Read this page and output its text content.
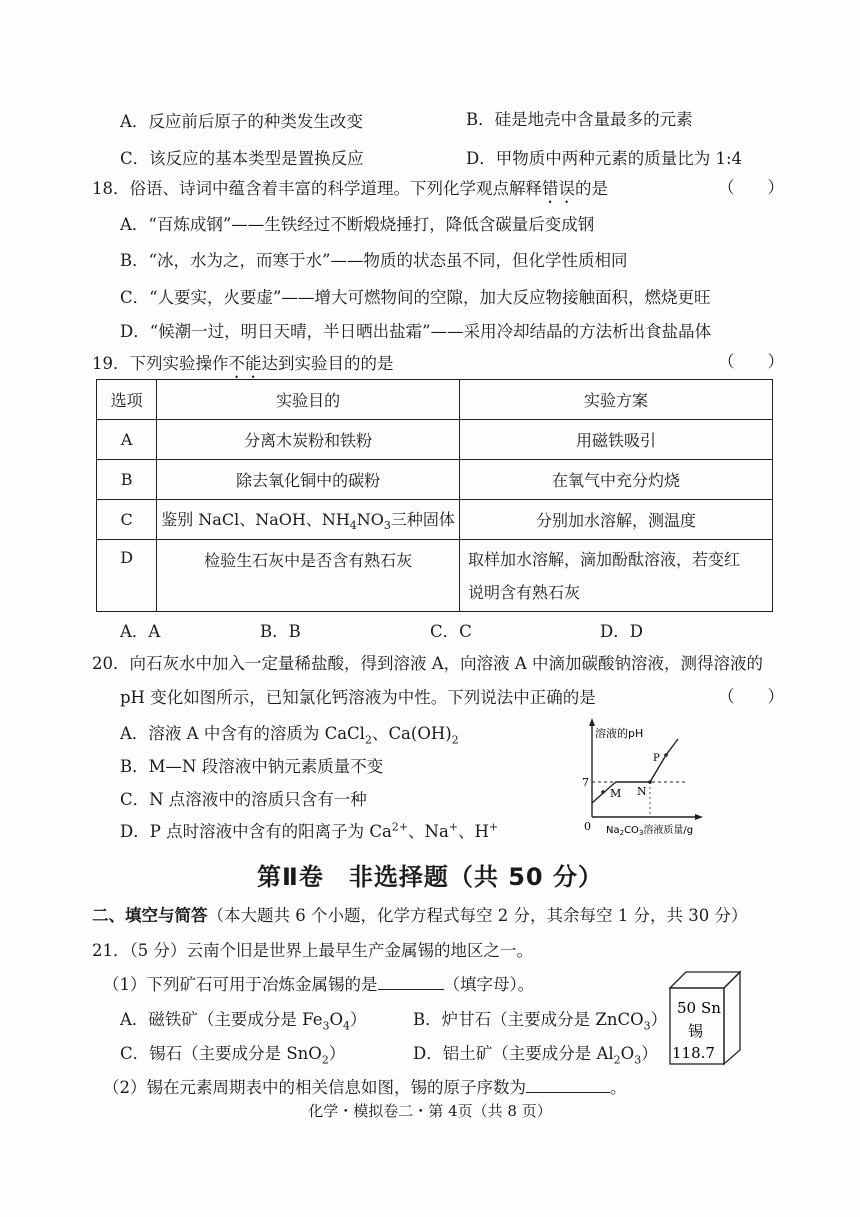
A．反应前后原子的种类发生改变	B．硅是地壳中含量最多的元素
C．该反应的基本类型是置换反应	D．甲物质中两种元素的质量比为 1:4
18．俗语、诗词中蕴含着丰富的科学道理。下列化学观点解释错误的是	（　　）
A．“百炼成钢”——生铁经过不断煅烧捶打，降低含碳量后变成钢
B．“冰，水为之，而寒于水”——物质的状态虽不同，但化学性质相同
C．“人要实，火要虚”——增大可燃物间的空隙，加大反应物接触面积，燃烧更旺
D．“候潮一过，明日天晴，半日晒出盐霜”——采用冷却结晶的方法析出食盐晶体
19．下列实验操作不能达到实验目的的是	（　　）
选项	实验目的	实验方案
A	分离木炭粉和铁粉	用磁铁吸引
B	除去氧化铜中的碳粉	在氧气中充分灼烧
C	鉴别 NaCl、NaOH、$NH_4NO_3$三种固体	分别加水溶解，测温度
D	检验生石灰中是否含有熟石灰	取样加水溶解，滴加酚酞溶液，若变红
说明含有熟石灰
A．A	B．B	C．C	D．D
20．向石灰水中加入一定量稀盐酸，得到溶液 A，向溶液 A 中滴加碳酸钠溶液，测得溶液的
pH 变化如图所示，已知氯化钙溶液为中性。下列说法中正确的是	（　　）
A．溶液 A 中含有的溶质为 CaCl$_2$、$Ca(OH)_2$
B．M—N 段溶液中钠元素质量不变
C．N 点溶液中的溶质只含有一种
D．P 点时溶液中含有的阳离子为 $Ca^{2+}$、Na+、H+
溶液的pH
7
0
M N
P
$Na_2CO_3$溶液质量/g
第Ⅱ卷　非选择题（共 50 分）
二、填空与简答（本大题共 6 个小题，化学方程式每空 2 分，其余每空 1 分，共 30 分）
21．（5 分）云南个旧是世界上最早生产金属锡的地区之一。
（1）下列矿石可用于冶炼金属锡的是	（填字母）。
A．磁铁矿（主要成分是 $Fe_3O_4$）	B．炉甘石（主要成分是 ZnCO$_3$）
C．锡石（主要成分是 SnO$_2$）	D．铝土矿（主要成分是 $Al_2O_3$）
（2）锡在元素周期表中的相关信息如图，锡的原子序数为	。
50 Sn
锡
118.7
化学・模拟卷二・第 4页（共 8 页）
